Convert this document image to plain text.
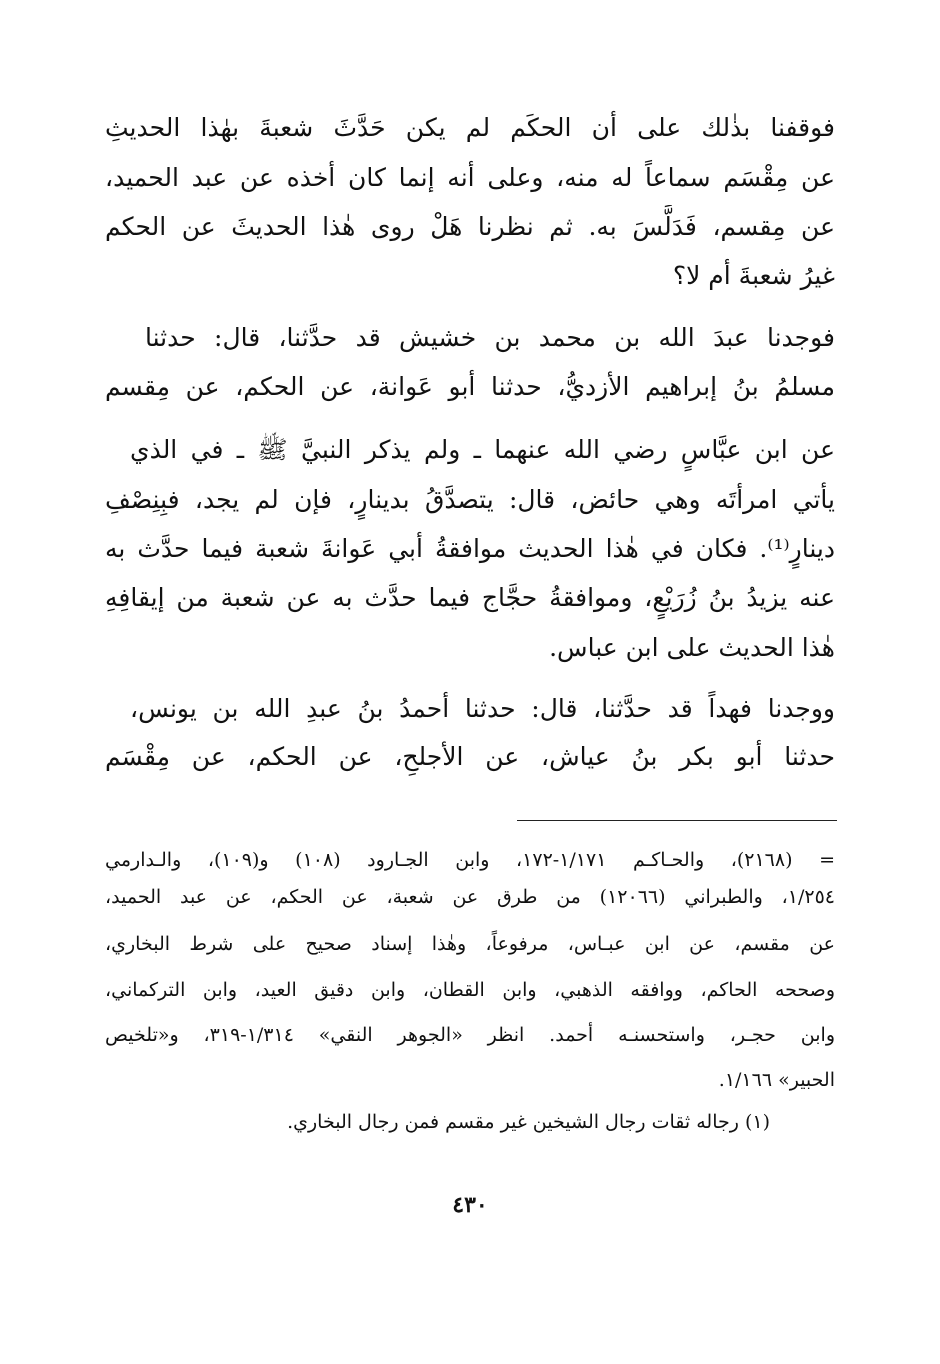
فوقفنا بذٰلك على أن الحكَم لم يكن حَدَّثَ شعبةَ بهٰذا الحديثِ
عن مِقْسَم سماعاً له منه، وعلى أنه إنما كان أخذه عن عبد الحميد،
عن مِقسم، فَدَلَّسَ به. ثم نظرنا هَلْ روى هٰذا الحديثَ عن الحكم
غيرُ شعبةَ أم لا؟
فوجدنا عبدَ الله بن محمد بن خشيش قد حدَّثنا، قال: حدثنا
مسلمُ بنُ إبراهيم الأزديُّ، حدثنا أبو عَوانة، عن الحكم، عن مِقسم
عن ابن عبَّاسٍ رضي الله عنهما ـ ولم يذكر النبيَّ ﷺ ـ في الذي
يأتي امرأتَه وهي حائض، قال: يتصدَّقُ بدينارٍ، فإن لم يجد، فبِنِصْفِ
دينارٍ⁽¹⁾. فكان في هٰذا الحديث موافقةُ أبي عَوانةَ شعبة فيما حدَّث به
عنه يزيدُ بنُ زُرَيْعٍ، وموافقةُ حجَّاج فيما حدَّث به عن شعبة من إيقافِهِ
هٰذا الحديث على ابن عباس.
ووجدنا فهداً قد حدَّثنا، قال: حدثنا أحمدُ بنُ عبدِ الله بن يونس،
حدثنا أبو بكر بنُ عياش، عن الأجلحِ، عن الحكم، عن مِقْسَم
= (٢١٦٨)، والحـاكـم ١/١٧١-١٧٢، وابن الجـارود (١٠٨) و(١٠٩)، والـدارمي
١/٢٥٤، والطبراني (١٢٠٦٦) من طرق عن شعبة، عن الحكم، عن عبد الحميد،
عن مقسم، عن ابن عبـاس، مرفوعاً، وهٰذا إسناد صحيح على شرط البخاري،
وصححه الحاكم، ووافقه الذهبي، وابن القطان، وابن دقيق العيد، وابن التركماني،
وابن حجـر، واستحسنـه أحمد. انظر «الجوهر النقي» ١/٣١٤-٣١٩، و«تلخيص
الحبير» ١/١٦٦.
(١) رجاله ثقات رجال الشيخين غير مقسم فمن رجال البخاري.
٤٣٠
